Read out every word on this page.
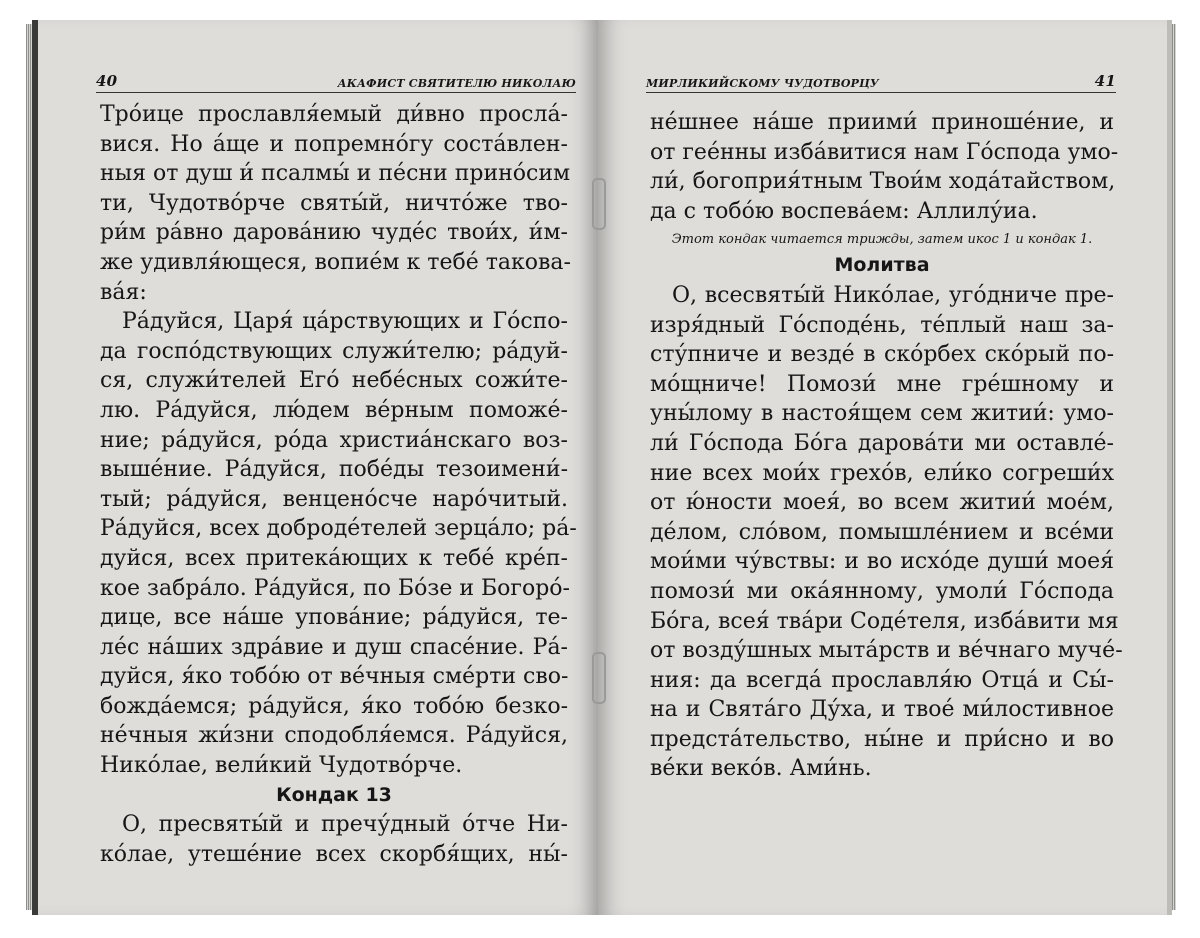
40	АКАФИСТ СВЯТИТЕЛЮ НИКОЛАЮ
Тро́ице прославля́емый ди́вно просла́-
вися. Но а́ще и попремно́гу соста́влен-
ныя от душ и́ псалмы́ и пе́сни прино́сим
ти, Чудотво́рче святы́й, ничто́же тво-
ри́м ра́вно дарова́нию чуде́с твои́х, и́м-
же удивля́ющеся, вопие́м к тебе́ такова-
ва́я:
Ра́дуйся, Царя́ ца́рствующих и Го́спо-
да госпо́дствующих служи́телю; ра́дуй-
ся, служи́телей Его́ небе́сных сожи́те-
лю. Ра́дуйся, лю́дем ве́рным поможе́-
ние; ра́дуйся, ро́да христиа́нскаго воз-
выше́ние. Ра́дуйся, побе́ды тезоимени́-
тый; ра́дуйся, венцено́сче наро́читый.
Ра́дуйся, всех доброде́телей зерца́ло; ра́-
дуйся, всех притека́ющих к тебе́ кре́п-
кое забра́ло. Ра́дуйся, по Бо́зе и Богоро́-
дице, все на́ше упова́ние; ра́дуйся, те-
ле́с на́ших здра́вие и душ спасе́ние. Ра́-
дуйся, я́ко тобо́ю от ве́чныя сме́рти сво-
божда́емся; ра́дуйся, я́ко тобо́ю безко-
не́чныя жи́зни сподобля́емся. Ра́дуйся,
Нико́лае, вели́кий Чудотво́рче.
Кондак 13
О, пресвяты́й и пречу́дный о́тче Ни-
ко́лае, утеше́ние всех скорбя́щих, ны́-
МИРЛИКИЙСКОМУ ЧУДОТВОРЦУ	41
не́шнее на́ше приими́ приноше́ние, и
от гее́нны изба́витися нам Го́спода умо-
ли́, богоприя́тным Твои́м хода́тайством,
да с тобо́ю воспева́ем: Аллилу́иа.
Этот кондак читается трижды, затем икос 1 и кондак 1.
Молитва
О, всесвяты́й Нико́лае, уго́дниче пре-
изря́дный Го́споде́нь, те́плый наш за-
сту́пниче и везде́ в ско́рбех ско́рый по-
мо́щниче! Помози́ мне гре́шному и
уны́лому в настоя́щем сем житии́: умо-
ли́ Го́спода Бо́га дарова́ти ми оставле́-
ние всех мои́х грехо́в, ели́ко согреши́х
от ю́ности моея́, во всем житии́ мое́м,
де́лом, сло́вом, помышле́нием и все́ми
мои́ми чу́вствы: и во исхо́де души́ моея́
помози́ ми ока́янному, умоли́ Го́спода
Бо́га, всея́ тва́ри Соде́теля, изба́вити мя
от возду́шных мыта́рств и ве́чнаго муче́-
ния: да всегда́ прославля́ю Отца́ и Сы́-
на и Свята́го Ду́ха, и твое́ ми́лостивное
предста́тельство, ны́не и при́сно и во
ве́ки веко́в. Ами́нь.
